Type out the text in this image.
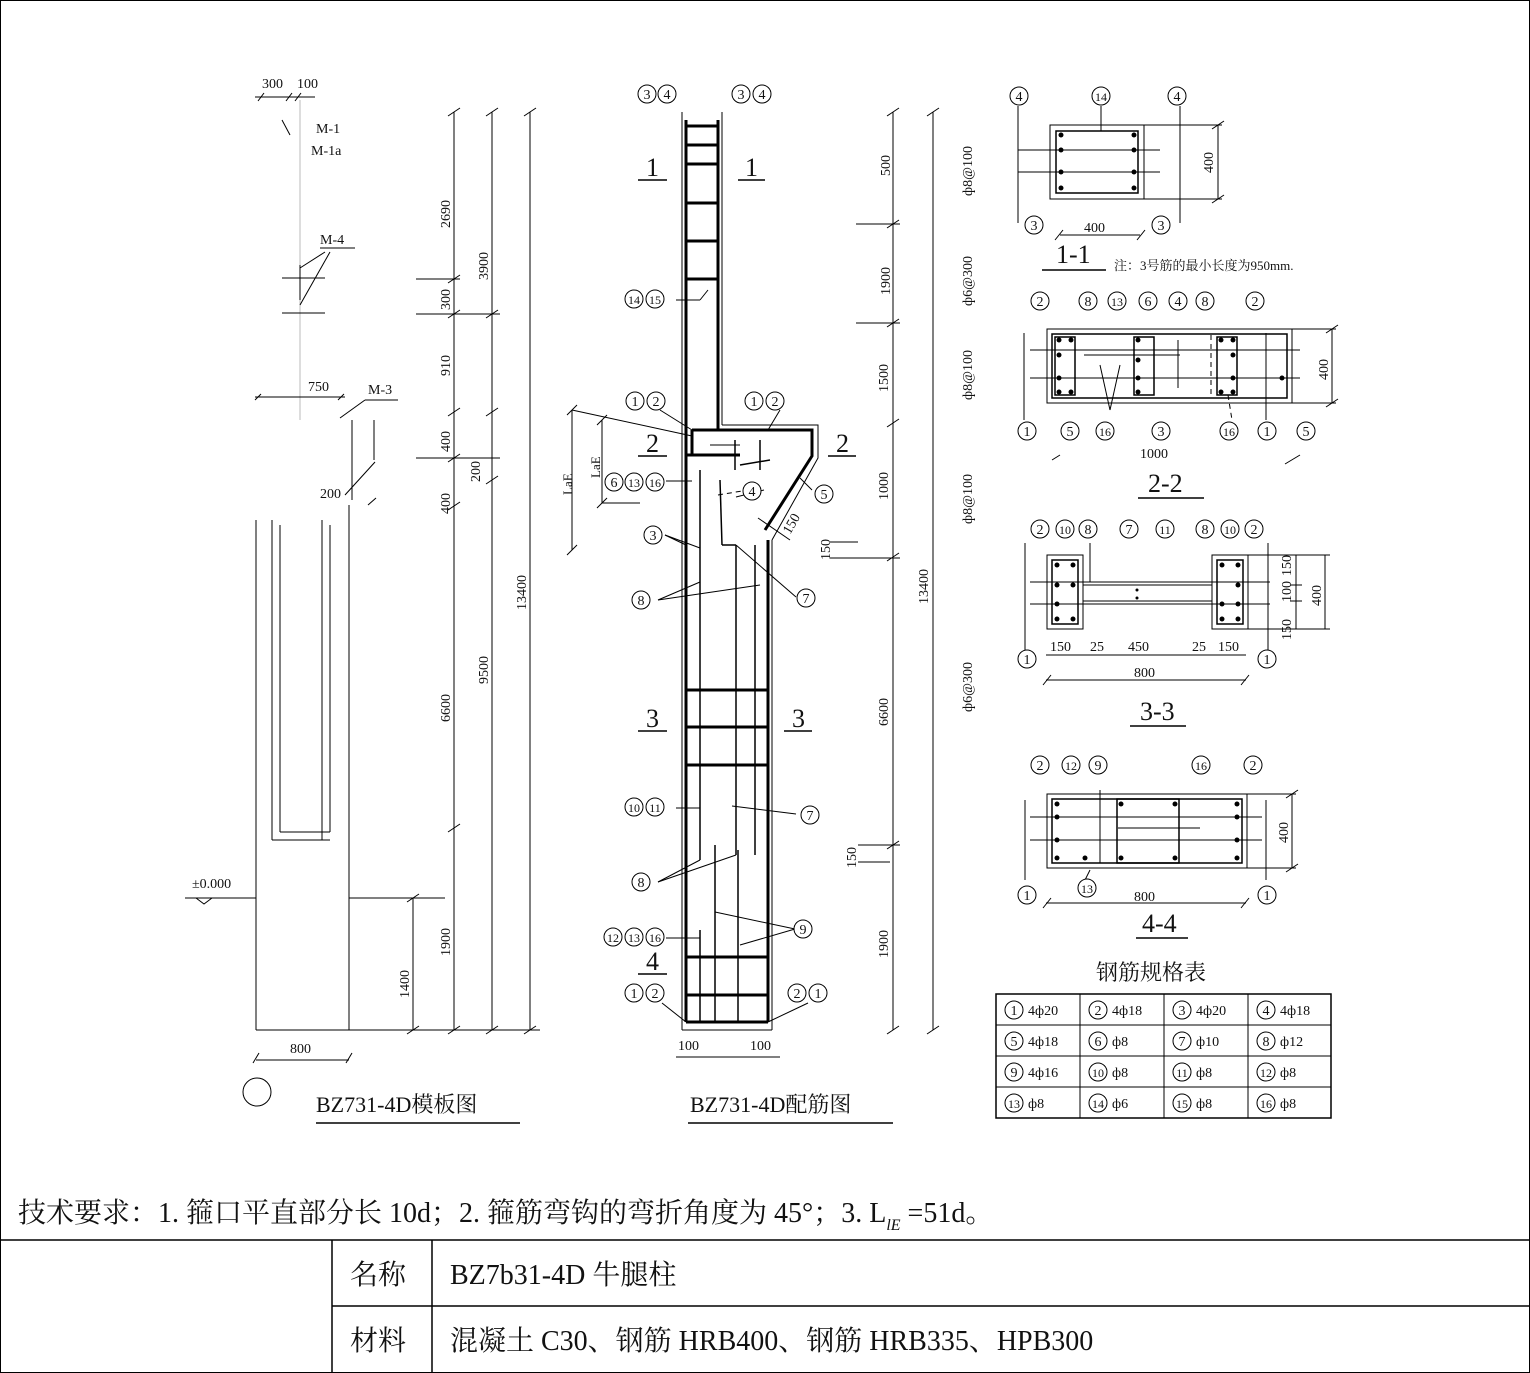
300 100
M-1
M-1a
M-4
750	M-3
200
±0.000
800
2690
300
910
400
400
6600
1900
3900
200
9500
13400
1400
BZ731-4D模板图
1	1
2	2
3	3
4
LaE
LaE
150
150
150
100	100
500
1900
1500
1000
6600
1900
13400
ф8@100
ф6@300
ф8@100
ф8@100
ф6@300
BZ731-4D配筋图
400
400
1-1 注：3号筋的最小长度为950mm.
1000
400
2-2
150 25 450	25 150
800
400
150
100
150
3-3
800
400
4-4
3 4	3 4
14 15
1 2	1 2
6 13 16
4	5
3
8	7
10 11
7
8
9
12 13 16
1 2	2 1
4	14	4
3	3
2	8 13 6 4 8	2
1	5 16	3	16 1 5
2 10 8 7 11 8 10 2
1	1
2 12 9	16	2
1	13	1
钢筋规格表
1 4ф20	2 4ф18	3 4ф20	4 4ф18
5 4ф18	6 ф8	7 ф10	8 ф12
9 4ф16	10 ф8	11 ф8	12 ф8
13 ф8	14 ф6	15 ф8	16 ф8
技术要求：1. 箍口平直部分长 10d；2. 箍筋弯钩的弯折角度为 45°；3. $L_{lE} =51d$。
名称 BZ7b31-4D 牛腿柱
材料 混凝土 C30、钢筋 HRB400、钢筋 HRB335、HPB300
